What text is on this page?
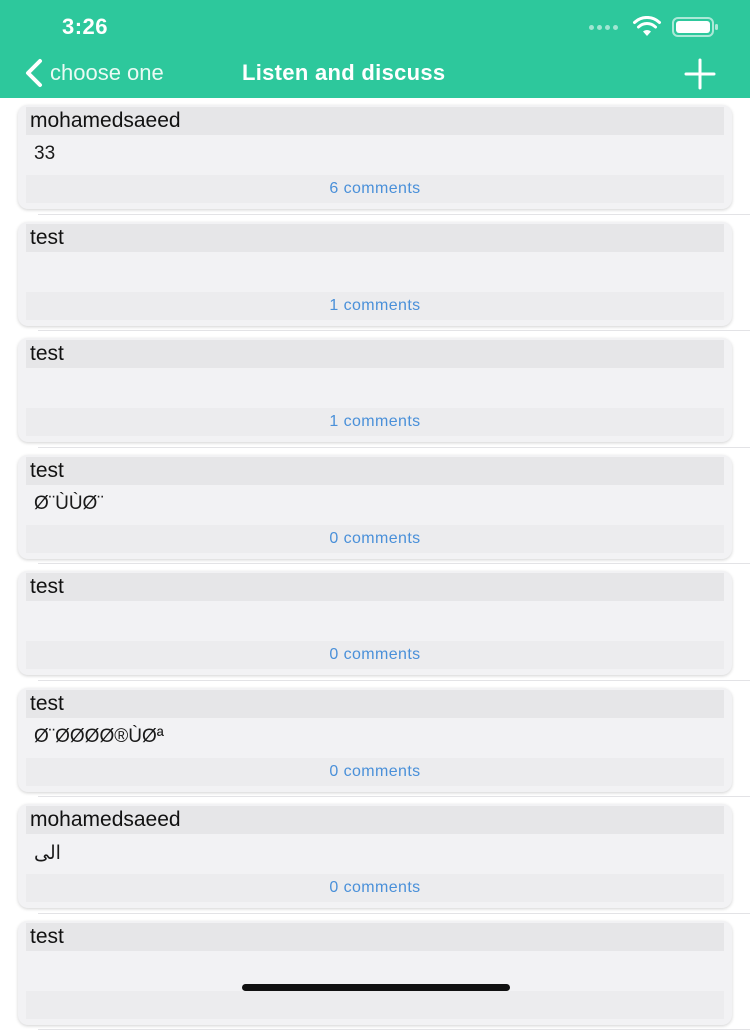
3:26
choose one	Listen and discuss
mohamedsaeed
33
6 comments
test
1 comments
test
1 comments
test
Ø¨ÙÙØ¨
0 comments
test
0 comments
test
Ø¨ØØØØ®ÙØª
0 comments
mohamedsaeed
الى
0 comments
test
